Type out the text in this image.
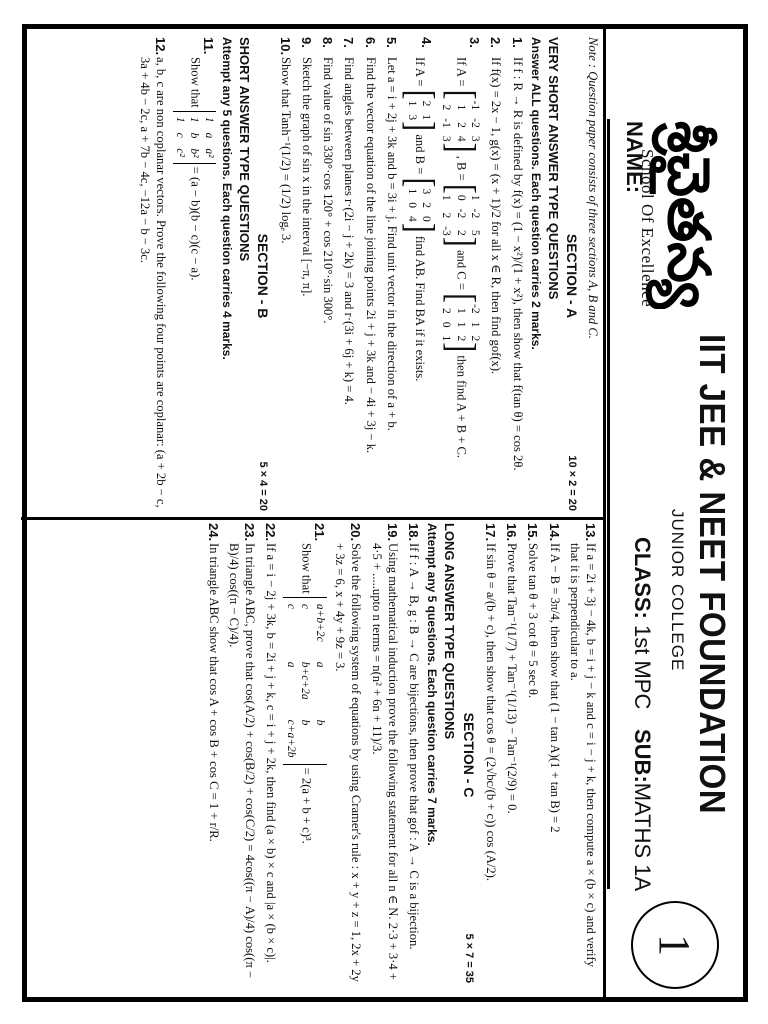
శ్రీచైతన్య
School Of Excellence
IIT JEE & NEET FOUNDATION
JUNIOR COLLEGE
NAME:
CLASS: 1st MPC
SUB:MATHS 1A
1
Note : Question paper consists of three sections A, B and C.
SECTION - A
10 × 2 = 20
VERY SHORT ANSWER TYPE QUESTIONS
Answer ALL questions. Each question carries 2 marks.
1.
If f : R → R is defined by f(x) = (1 − x²)/(1 + x²), then show that f(tan θ) = cos 2θ.
2.
If f(x) = 2x − 1, g(x) = (x + 1)/2 for all x ∈ R, then find gof(x).
3.
If A =
[
-1
-2
3
1
2
4
2
-1
3
]
, B =
[
1
-2
5
0
-2
2
1
2
-3
]
and C =
[
-2
1
2
1
1
2
2
0
1
]
then find A + B + C.
4.
If A =
[
2
1
1
3
]
and B =
[
3
2
0
1
0
4
]
find AB. Find BA if it exists.
5.
Let a = i + 2j + 3k and b = 3i + j. Find unit vector in the direction of a + b.
6.
Find the vector equation of the line joining points 2i + j + 3k and − 4i + 3j − k.
7.
Find angles between planes r·(2i − j + 2k) = 3 and r·(3i + 6j + k) = 4.
8.
Find value of sin 330°·cos 120° + cos 210°·sin 300°.
9.
Sketch the graph of sin x in the interval [−π, π].
10.
Show that Tanh⁻¹(1/2) = (1/2) logₑ 3.
SECTION - B
5 × 4 = 20
SHORT ANSWER TYPE QUESTIONS
Attempt any 5 questions. Each question carries 4 marks.
11.
Show that
1
a
a²
1
b
b²
1
c
c²
= (a − b)(b − c)(c − a).
12.
a, b, c are non coplanar vectors. Prove the following four points are coplanar: (a + 2b − c, 3a + 4b − 2c, a + 7b − 4c, −12a − b − 3c.
13.
If a = 2i + 3j − 4k, b = i + j − k and c = i − j + k, then compute a × (b × c) and verify that it is perpendicular to a.
14.
If A − B = 3π/4, then show that (1 − tan A)(1 + tan B) = 2
15.
Solve tan θ + 3 cot θ = 5 sec θ.
16.
Prove that Tan⁻¹(1/7) + Tan⁻¹(1/13) − Tan⁻¹(2/9) = 0.
17.
If sin θ = a/(b + c), then show that cos θ = (2√bc/(b + c)) cos (A/2).
SECTION - C
5 × 7 = 35
LONG ANSWER TYPE QUESTIONS
Attempt any 5 questions. Each question carries 7 marks.
18.
If f : A → B, g : B → C are bijections, then prove that gof : A → C is a bijection.
19.
Using mathematical induction prove the following statement for all n ∈ N. 2·3 + 3·4 + 4·5 + .....upto n terms = n(n² + 6n + 11)/3.
20.
Solve the following system of equations by using Cramer's rule : x + y + z = 1, 2x + 2y + 3z = 6, x + 4y + 9z = 3.
21.
Show that
a+b+2c
a
b
c
b+c+2a
b
c
a
c+a+2b
= 2(a + b + c)³.
22.
If a = i − 2j + 3k, b = 2i + j + k, c = i + j + 2k, then find (a × b) × c and |a × (b × c)|.
23.
In triangle ABC, prove that cos(A/2) + cos(B/2) + cos(C/2) = 4cos((π − A)/4) cos((π − B)/4) cos((π − C)/4).
24.
In triangle ABC show that cos A + cos B + cos C = 1 + r/R.
